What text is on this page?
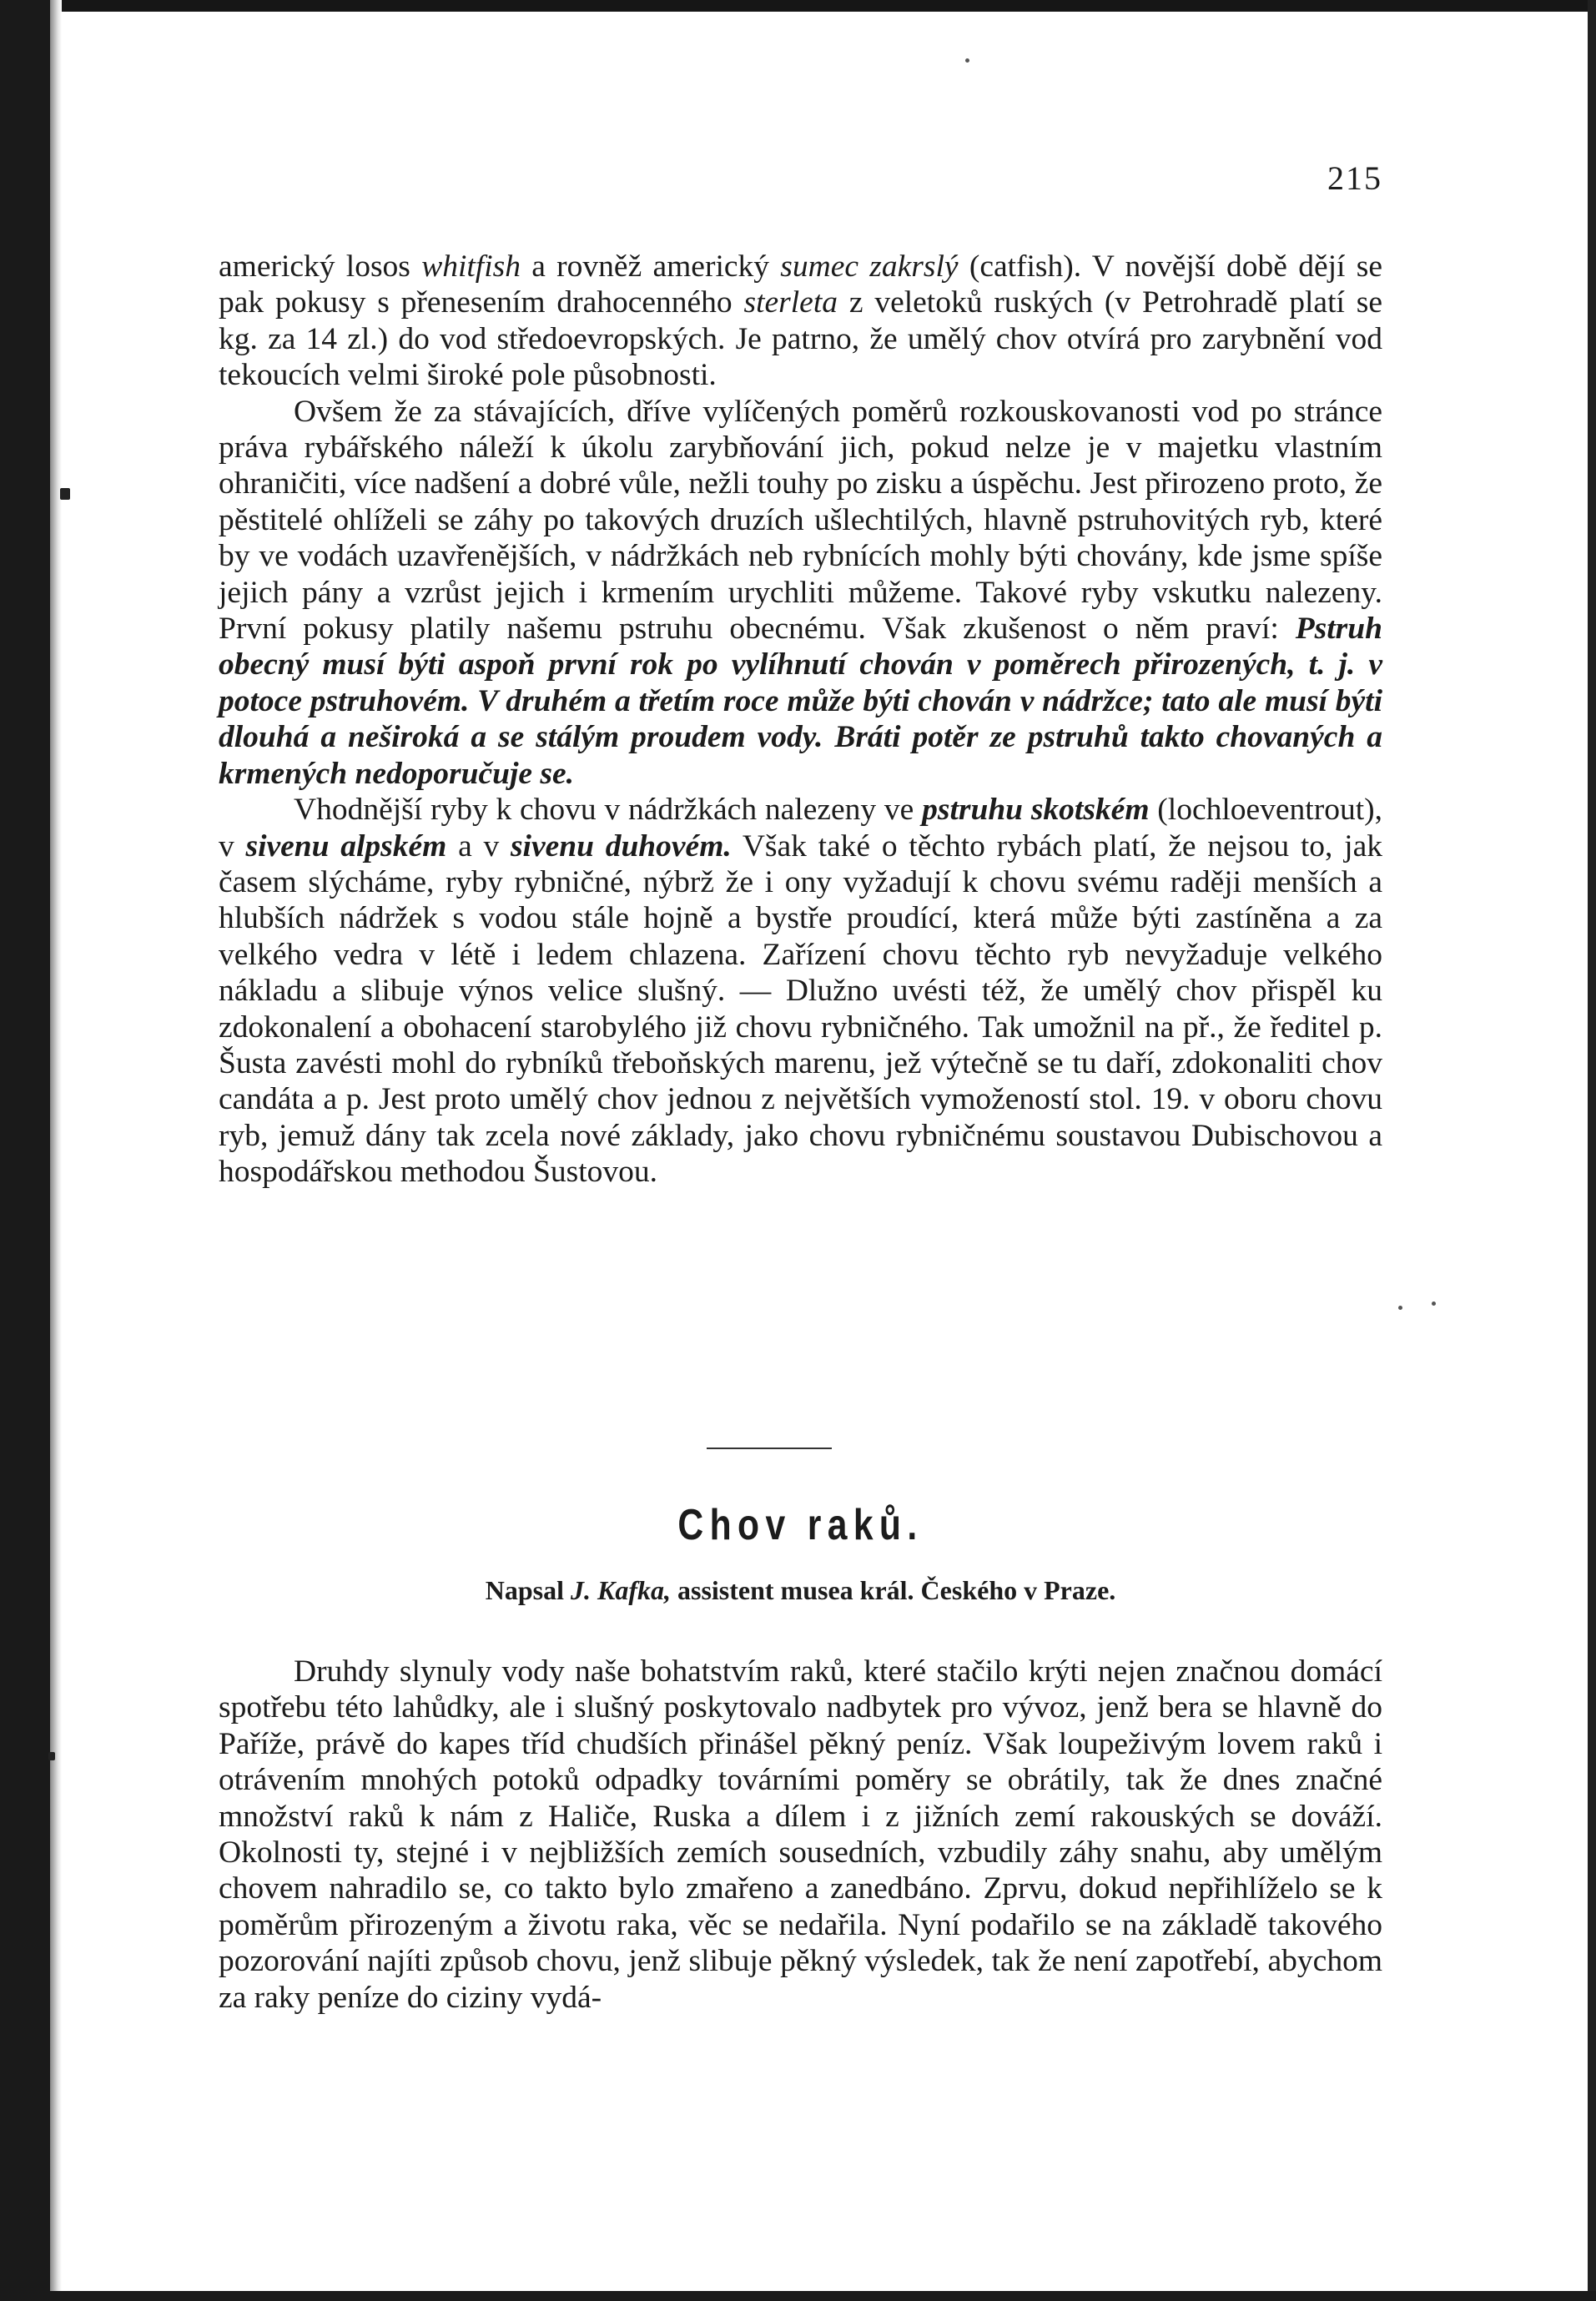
215

americký losos whitfish a rovněž americký sumec zakrslý (catfish). V novější době dějí se pak pokusy s přenesením drahocenného sterleta z veletoků ruských (v Petrohradě platí se kg. za 14 zl.) do vod středoevropských. Je patrno, že umělý chov otvírá pro zarybnění vod tekoucích velmi široké pole působnosti.

Ovšem že za stávajících, dříve vylíčených poměrů rozkouskovanosti vod po stránce práva rybářského náleží k úkolu zarybňování jich, pokud nelze je v majetku vlastním ohraničiti, více nadšení a dobré vůle, nežli touhy po zisku a úspěchu. Jest přirozeno proto, že pěstitelé ohlíželi se záhy po takových druzích ušlechtilých, hlavně pstruhovitých ryb, které by ve vodách uzavřenějších, v nádržkách neb rybnících mohly býti chovány, kde jsme spíše jejich pány a vzrůst jejich i krmením urychliti můžeme. Takové ryby vskutku nalezeny. První pokusy platily našemu pstruhu obecnému. Však zkušenost o něm praví: Pstruh obecný musí býti aspoň první rok po vylíhnutí chován v poměrech přirozených, t. j. v potoce pstruhovém. V druhém a třetím roce může býti chován v nádržce; tato ale musí býti dlouhá a neširoká a se stálým proudem vody. Bráti potěr ze pstruhů takto chovaných a krmených nedoporučuje se.

Vhodnější ryby k chovu v nádržkách nalezeny ve pstruhu skotském (lochloeventrout), v sivenu alpském a v sivenu duhovém. Však také o těchto rybách platí, že nejsou to, jak časem slýcháme, ryby rybničné, nýbrž že i ony vyžadují k chovu svému raději menších a hlubších nádržek s vodou stále hojně a bystře proudící, která může býti zastíněna a za velkého vedra v létě i ledem chlazena. Zařízení chovu těchto ryb nevyžaduje velkého nákladu a slibuje výnos velice slušný. — Dlužno uvésti též, že umělý chov přispěl ku zdokonalení a obohacení starobylého již chovu rybničného. Tak umožnil na př., že ředitel p. Šusta zavésti mohl do rybníků třeboňských marenu, jež výtečně se tu daří, zdokonaliti chov candáta a p. Jest proto umělý chov jednou z největších vymožeností stol. 19. v oboru chovu ryb, jemuž dány tak zcela nové základy, jako chovu rybničnému soustavou Dubischovou a hospodářskou methodou Šustovou.

Chov raků.
Napsal J. Kafka, assistent musea král. Českého v Praze.

Druhdy slynuly vody naše bohatstvím raků, které stačilo krýti nejen značnou domácí spotřebu této lahůdky, ale i slušný poskytovalo nadbytek pro vývoz, jenž bera se hlavně do Paříže, právě do kapes tříd chudších přinášel pěkný peníz. Však loupeživým lovem raků i otrávením mnohých potoků odpadky továrními poměry se obrátily, tak že dnes značné množství raků k nám z Haliče, Ruska a dílem i z jižních zemí rakouských se dováží. Okolnosti ty, stejné i v nejbližších zemích sousedních, vzbudily záhy snahu, aby umělým chovem nahradilo se, co takto bylo zmařeno a zanedbáno. Zprvu, dokud nepřihlíželo se k poměrům přirozeným a životu raka, věc se nedařila. Nyní podařilo se na základě takového pozorování najíti způsob chovu, jenž slibuje pěkný výsledek, tak že není zapotřebí, abychom za raky peníze do ciziny vydá-
